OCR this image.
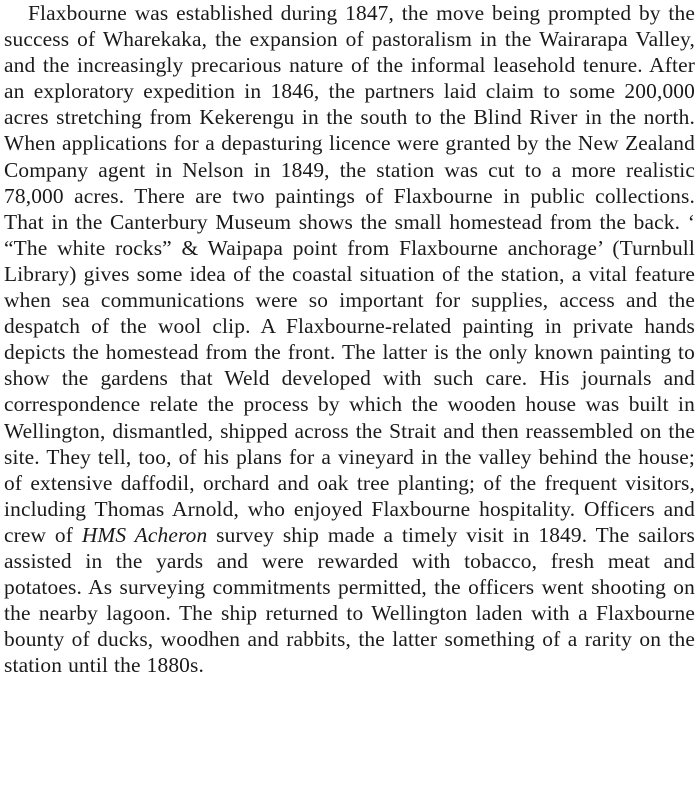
Flaxbourne was established during 1847, the move being prompted by the success of Wharekaka, the expansion of pastoralism in the Wairarapa Valley, and the increasingly precarious nature of the informal leasehold tenure. After an exploratory expedition in 1846, the partners laid claim to some 200,000 acres stretching from Kekerengu in the south to the Blind River in the north. When applications for a depasturing licence were granted by the New Zealand Company agent in Nelson in 1849, the station was cut to a more realistic 78,000 acres. There are two paintings of Flaxbourne in public collections. That in the Canterbury Museum shows the small homestead from the back. ‘ “The white rocks” & Waipapa point from Flaxbourne anchorage’ (Turnbull Library) gives some idea of the coastal situation of the station, a vital feature when sea communications were so important for supplies, access and the despatch of the wool clip. A Flaxbourne-related painting in private hands depicts the homestead from the front. The latter is the only known painting to show the gardens that Weld developed with such care. His journals and correspondence relate the process by which the wooden house was built in Wellington, dismantled, shipped across the Strait and then reassembled on the site. They tell, too, of his plans for a vineyard in the valley behind the house; of extensive daffodil, orchard and oak tree planting; of the frequent visitors, including Thomas Arnold, who enjoyed Flaxbourne hospitality. Officers and crew of HMS Acheron survey ship made a timely visit in 1849. The sailors assisted in the yards and were rewarded with tobacco, fresh meat and potatoes. As surveying commitments permitted, the officers went shooting on the nearby lagoon. The ship returned to Wellington laden with a Flaxbourne bounty of ducks, woodhen and rabbits, the latter something of a rarity on the station until the 1880s.
